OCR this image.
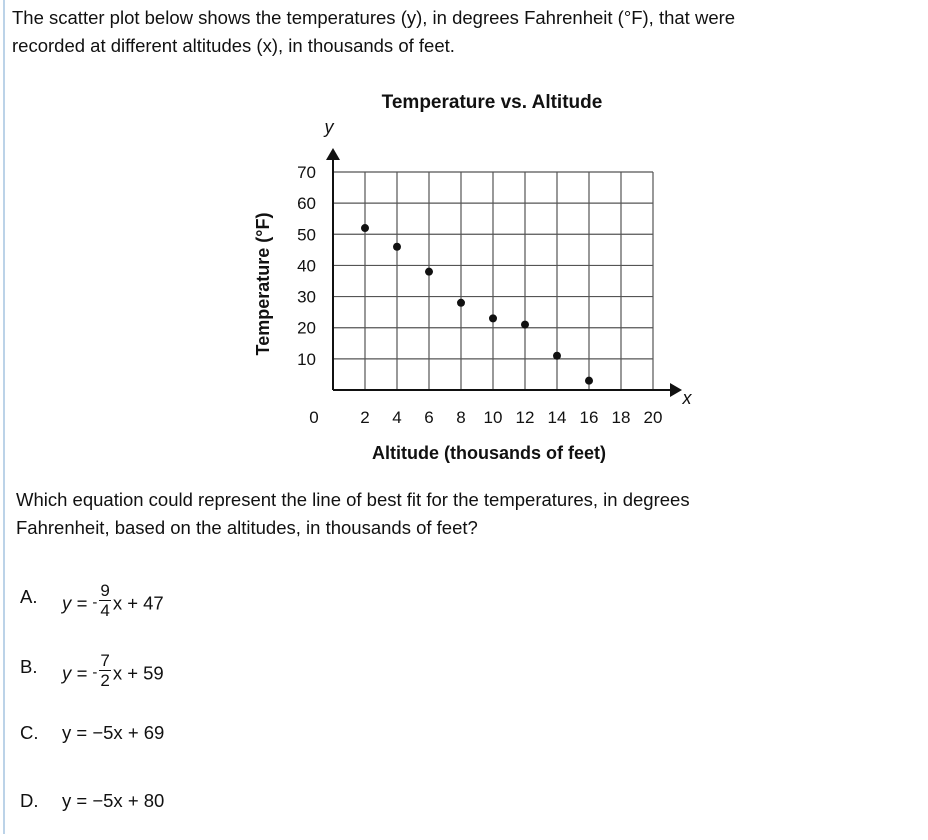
The scatter plot below shows the temperatures (y), in degrees Fahrenheit (°F), that were
recorded at different altitudes (x), in thousands of feet.
Temperature vs. Altitude
y
x
0
Altitude (thousands of feet)
Temperature (°F)
2 4 6 8 10 12 14 16 18 20
10
20
30
40
50
60
70
Which equation could represent the line of best fit for the temperatures, in degrees
Fahrenheit, based on the altitudes, in thousands of feet?
A. y = - $\frac{9}{4}$ x + 47
B. y = - $\frac{7}{2}$ x + 59
C. y = −5x + 69
D. y = −5x + 80
